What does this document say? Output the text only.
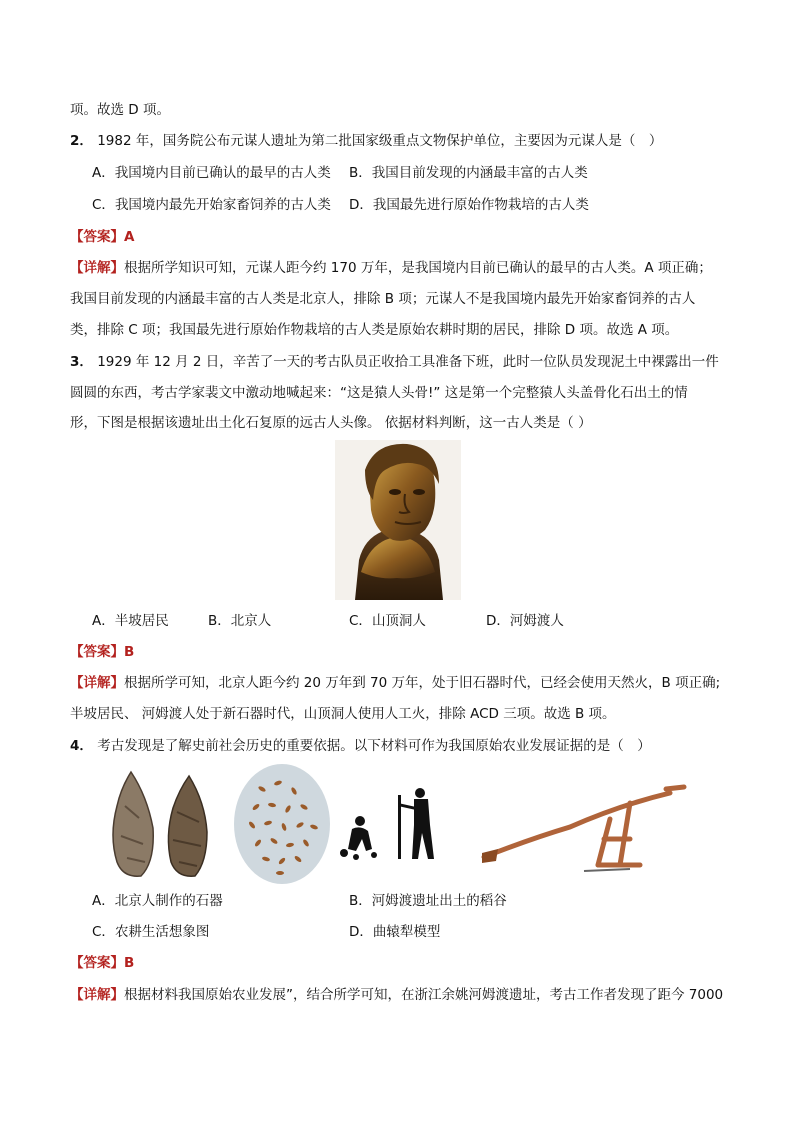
项。故选 D 项。
2． 1982 年，国务院公布元谋人遗址为第二批国家级重点文物保护单位，主要因为元谋人是（　）
A．我国境内目前已确认的最早的古人类 B．我国目前发现的内涵最丰富的古人类
C．我国境内最先开始家畜饲养的古人类 D．我国最先进行原始作物栽培的古人类
【答案】A
【详解】根据所学知识可知，元谋人距今约 170 万年，是我国境内目前已确认的最早的古人类。A 项正确；
我国目前发现的内涵最丰富的古人类是北京人，排除 B 项；元谋人不是我国境内最先开始家畜饲养的古人
类，排除 C 项；我国最先进行原始作物栽培的古人类是原始农耕时期的居民，排除 D 项。故选 A 项。
3． 1929 年 12 月 2 日，辛苦了一天的考古队员正收拾工具准备下班，此时一位队员发现泥土中裸露出一件
圆圆的东西，考古学家裴文中激动地喊起来：“这是猿人头骨!” 这是第一个完整猿人头盖骨化石出土的情
形，下图是根据该遗址出土化石复原的远古人头像。 依据材料判断，这一古人类是（ ）
A．半坡居民	B．北京人	C．山顶洞人	D．河姆渡人
【答案】B
【详解】根据所学可知，北京人距今约 20 万年到 70 万年，处于旧石器时代，已经会使用天然火，B 项正确;
半坡居民、 河姆渡人处于新石器时代，山顶洞人使用人工火，排除 ACD 三项。故选 B 项。
4． 考古发现是了解史前社会历史的重要依据。以下材料可作为我国原始农业发展证据的是（　）
A．北京人制作的石器	B．河姆渡遗址出土的稻谷
C．农耕生活想象图	D．曲辕犁模型
【答案】B
【详解】根据材料我国原始农业发展”，结合所学可知，在浙江余姚河姆渡遗址，考古工作者发现了距今 7000
